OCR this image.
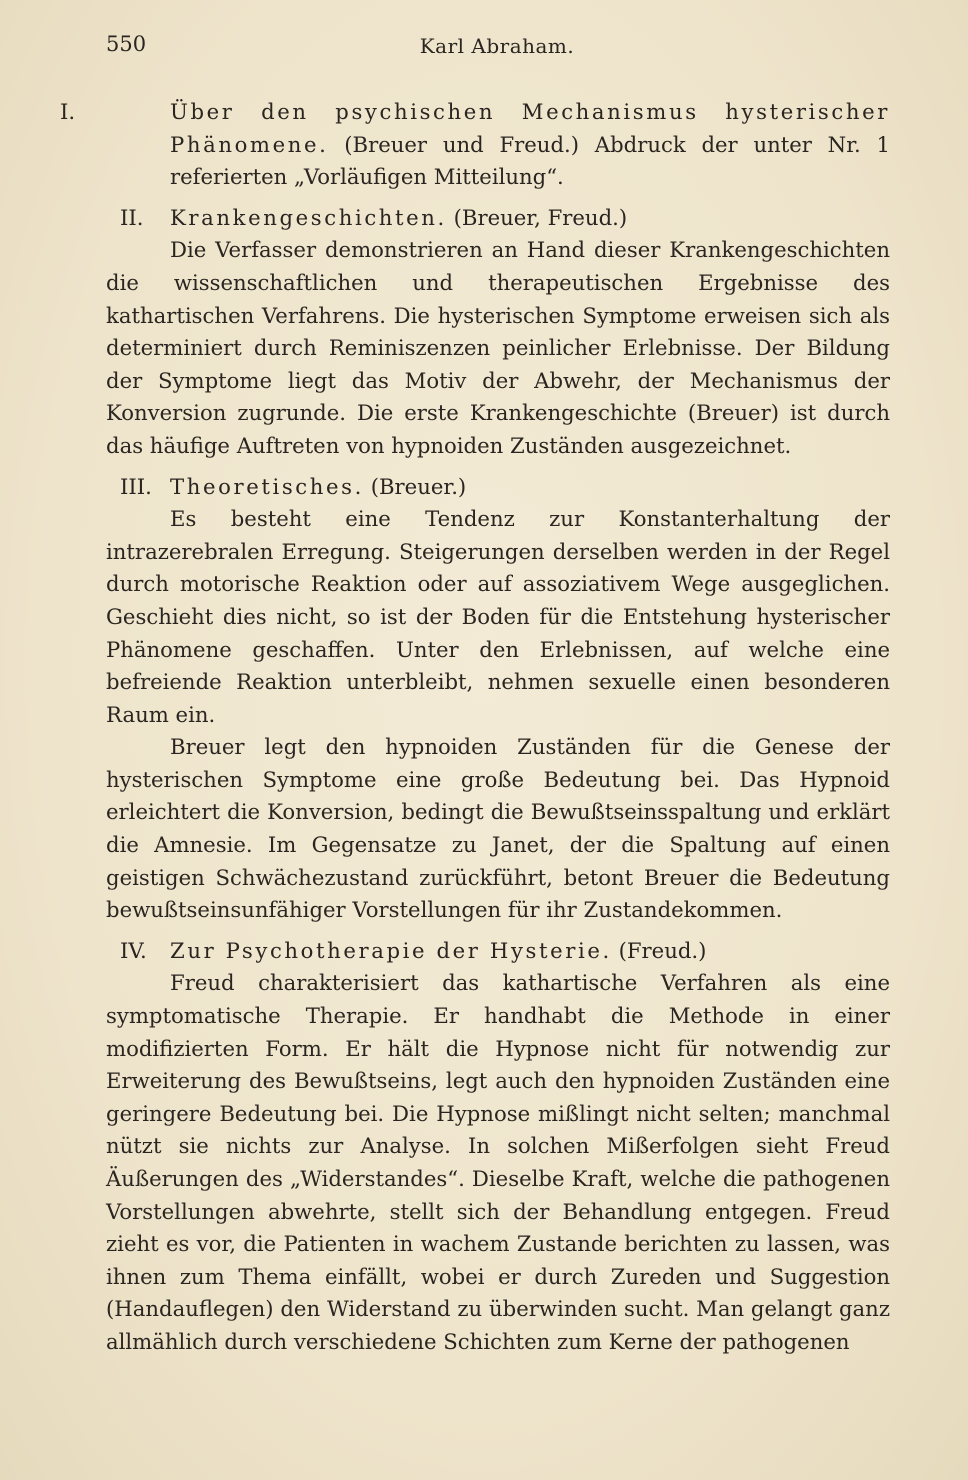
550	Karl Abraham.

I.	Über den psychischen Mechanismus hysterischer Phänomene. (Breuer und Freud.) Abdruck der unter Nr. 1 referierten „Vorläufigen Mitteilung“.

II. Krankengeschichten. (Breuer, Freud.)

Die Verfasser demonstrieren an Hand dieser Krankengeschichten die wissenschaftlichen und therapeutischen Ergebnisse des kathartischen Verfahrens. Die hysterischen Symptome erweisen sich als determiniert durch Reminiszenzen peinlicher Erlebnisse. Der Bildung der Symptome liegt das Motiv der Abwehr, der Mechanismus der Konversion zugrunde. Die erste Krankengeschichte (Breuer) ist durch das häufige Auftreten von hypnoiden Zuständen ausgezeichnet.

III. Theoretisches. (Breuer.)

Es besteht eine Tendenz zur Konstanterhaltung der intrazerebralen Erregung. Steigerungen derselben werden in der Regel durch motorische Reaktion oder auf assoziativem Wege ausgeglichen. Geschieht dies nicht, so ist der Boden für die Entstehung hysterischer Phänomene geschaffen. Unter den Erlebnissen, auf welche eine befreiende Reaktion unterbleibt, nehmen sexuelle einen besonderen Raum ein.

Breuer legt den hypnoiden Zuständen für die Genese der hysterischen Symptome eine große Bedeutung bei. Das Hypnoid erleichtert die Konversion, bedingt die Bewußtseinsspaltung und erklärt die Amnesie. Im Gegensatze zu Janet, der die Spaltung auf einen geistigen Schwächezustand zurückführt, betont Breuer die Bedeutung bewußtseinsunfähiger Vorstellungen für ihr Zustandekommen.

IV. Zur Psychotherapie der Hysterie. (Freud.)

Freud charakterisiert das kathartische Verfahren als eine symptomatische Therapie. Er handhabt die Methode in einer modifizierten Form. Er hält die Hypnose nicht für notwendig zur Erweiterung des Bewußtseins, legt auch den hypnoiden Zuständen eine geringere Bedeutung bei. Die Hypnose mißlingt nicht selten; manchmal nützt sie nichts zur Analyse. In solchen Mißerfolgen sieht Freud Äußerungen des „Widerstandes“. Dieselbe Kraft, welche die pathogenen Vorstellungen abwehrte, stellt sich der Behandlung entgegen. Freud zieht es vor, die Patienten in wachem Zustande berichten zu lassen, was ihnen zum Thema einfällt, wobei er durch Zureden und Suggestion (Handauflegen) den Widerstand zu überwinden sucht. Man gelangt ganz allmählich durch verschiedene Schichten zum Kerne der pathogenen
